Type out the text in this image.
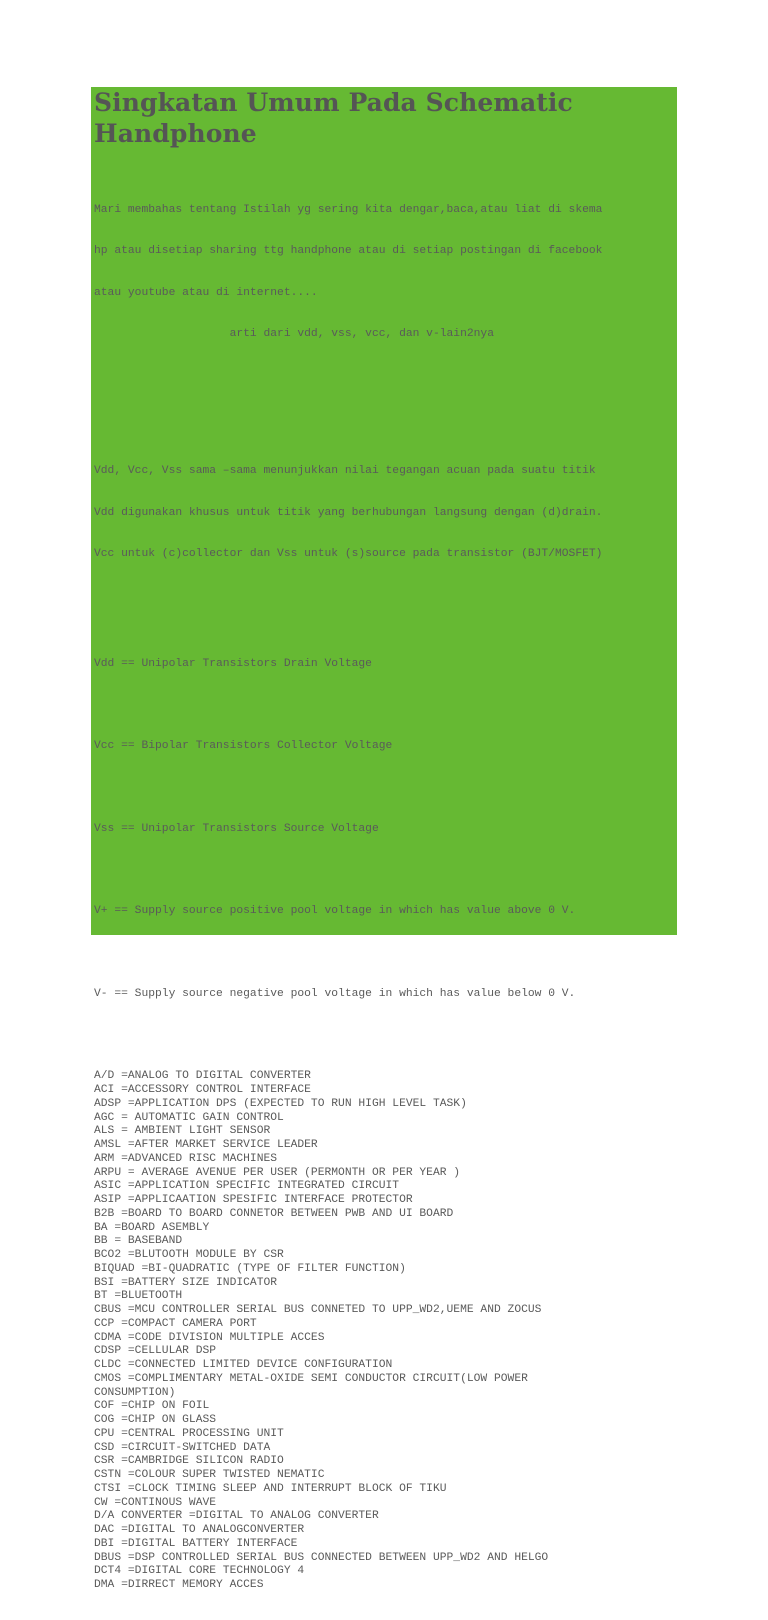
Singkatan Umum Pada Schematic
Handphone

Mari membahas tentang Istilah yg sering kita dengar,baca,atau liat di skema

hp atau disetiap sharing ttg handphone atau di setiap postingan di facebook

atau youtube atau di internet....

arti dari vdd, vss, vcc, dan v-lain2nya

Vdd, Vcc, Vss sama –sama menunjukkan nilai tegangan acuan pada suatu titik

Vdd digunakan khusus untuk titik yang berhubungan langsung dengan (d)drain.

Vcc untuk (c)collector dan Vss untuk (s)source pada transistor (BJT/MOSFET)

Vdd == Unipolar Transistors Drain Voltage

Vcc == Bipolar Transistors Collector Voltage

Vss == Unipolar Transistors Source Voltage

V+ == Supply source positive pool voltage in which has value above 0 V.

V- == Supply source negative pool voltage in which has value below 0 V.

A/D =ANALOG TO DIGITAL CONVERTER
ACI =ACCESSORY CONTROL INTERFACE
ADSP =APPLICATION DPS (EXPECTED TO RUN HIGH LEVEL TASK)
AGC = AUTOMATIC GAIN CONTROL
ALS = AMBIENT LIGHT SENSOR
AMSL =AFTER MARKET SERVICE LEADER
ARM =ADVANCED RISC MACHINES
ARPU = AVERAGE AVENUE PER USER (PERMONTH OR PER YEAR )
ASIC =APPLICATION SPECIFIC INTEGRATED CIRCUIT
ASIP =APPLICAATION SPESIFIC INTERFACE PROTECTOR
B2B =BOARD TO BOARD CONNETOR BETWEEN PWB AND UI BOARD
BA =BOARD ASEMBLY
BB = BASEBAND
BCO2 =BLUTOOTH MODULE BY CSR
BIQUAD =BI-QUADRATIC (TYPE OF FILTER FUNCTION)
BSI =BATTERY SIZE INDICATOR
BT =BLUETOOTH
CBUS =MCU CONTROLLER SERIAL BUS CONNETED TO UPP_WD2,UEME AND ZOCUS
CCP =COMPACT CAMERA PORT
CDMA =CODE DIVISION MULTIPLE ACCES
CDSP =CELLULAR DSP
CLDC =CONNECTED LIMITED DEVICE CONFIGURATION
CMOS =COMPLIMENTARY METAL-OXIDE SEMI CONDUCTOR CIRCUIT(LOW POWER
CONSUMPTION)
COF =CHIP ON FOIL
COG =CHIP ON GLASS
CPU =CENTRAL PROCESSING UNIT
CSD =CIRCUIT-SWITCHED DATA
CSR =CAMBRIDGE SILICON RADIO
CSTN =COLOUR SUPER TWISTED NEMATIC
CTSI =CLOCK TIMING SLEEP AND INTERRUPT BLOCK OF TIKU
CW =CONTINOUS WAVE
D/A CONVERTER =DIGITAL TO ANALOG CONVERTER
DAC =DIGITAL TO ANALOGCONVERTER
DBI =DIGITAL BATTERY INTERFACE
DBUS =DSP CONTROLLED SERIAL BUS CONNECTED BETWEEN UPP_WD2 AND HELGO
DCT4 =DIGITAL CORE TECHNOLOGY 4
DMA =DIRRECT MEMORY ACCES
